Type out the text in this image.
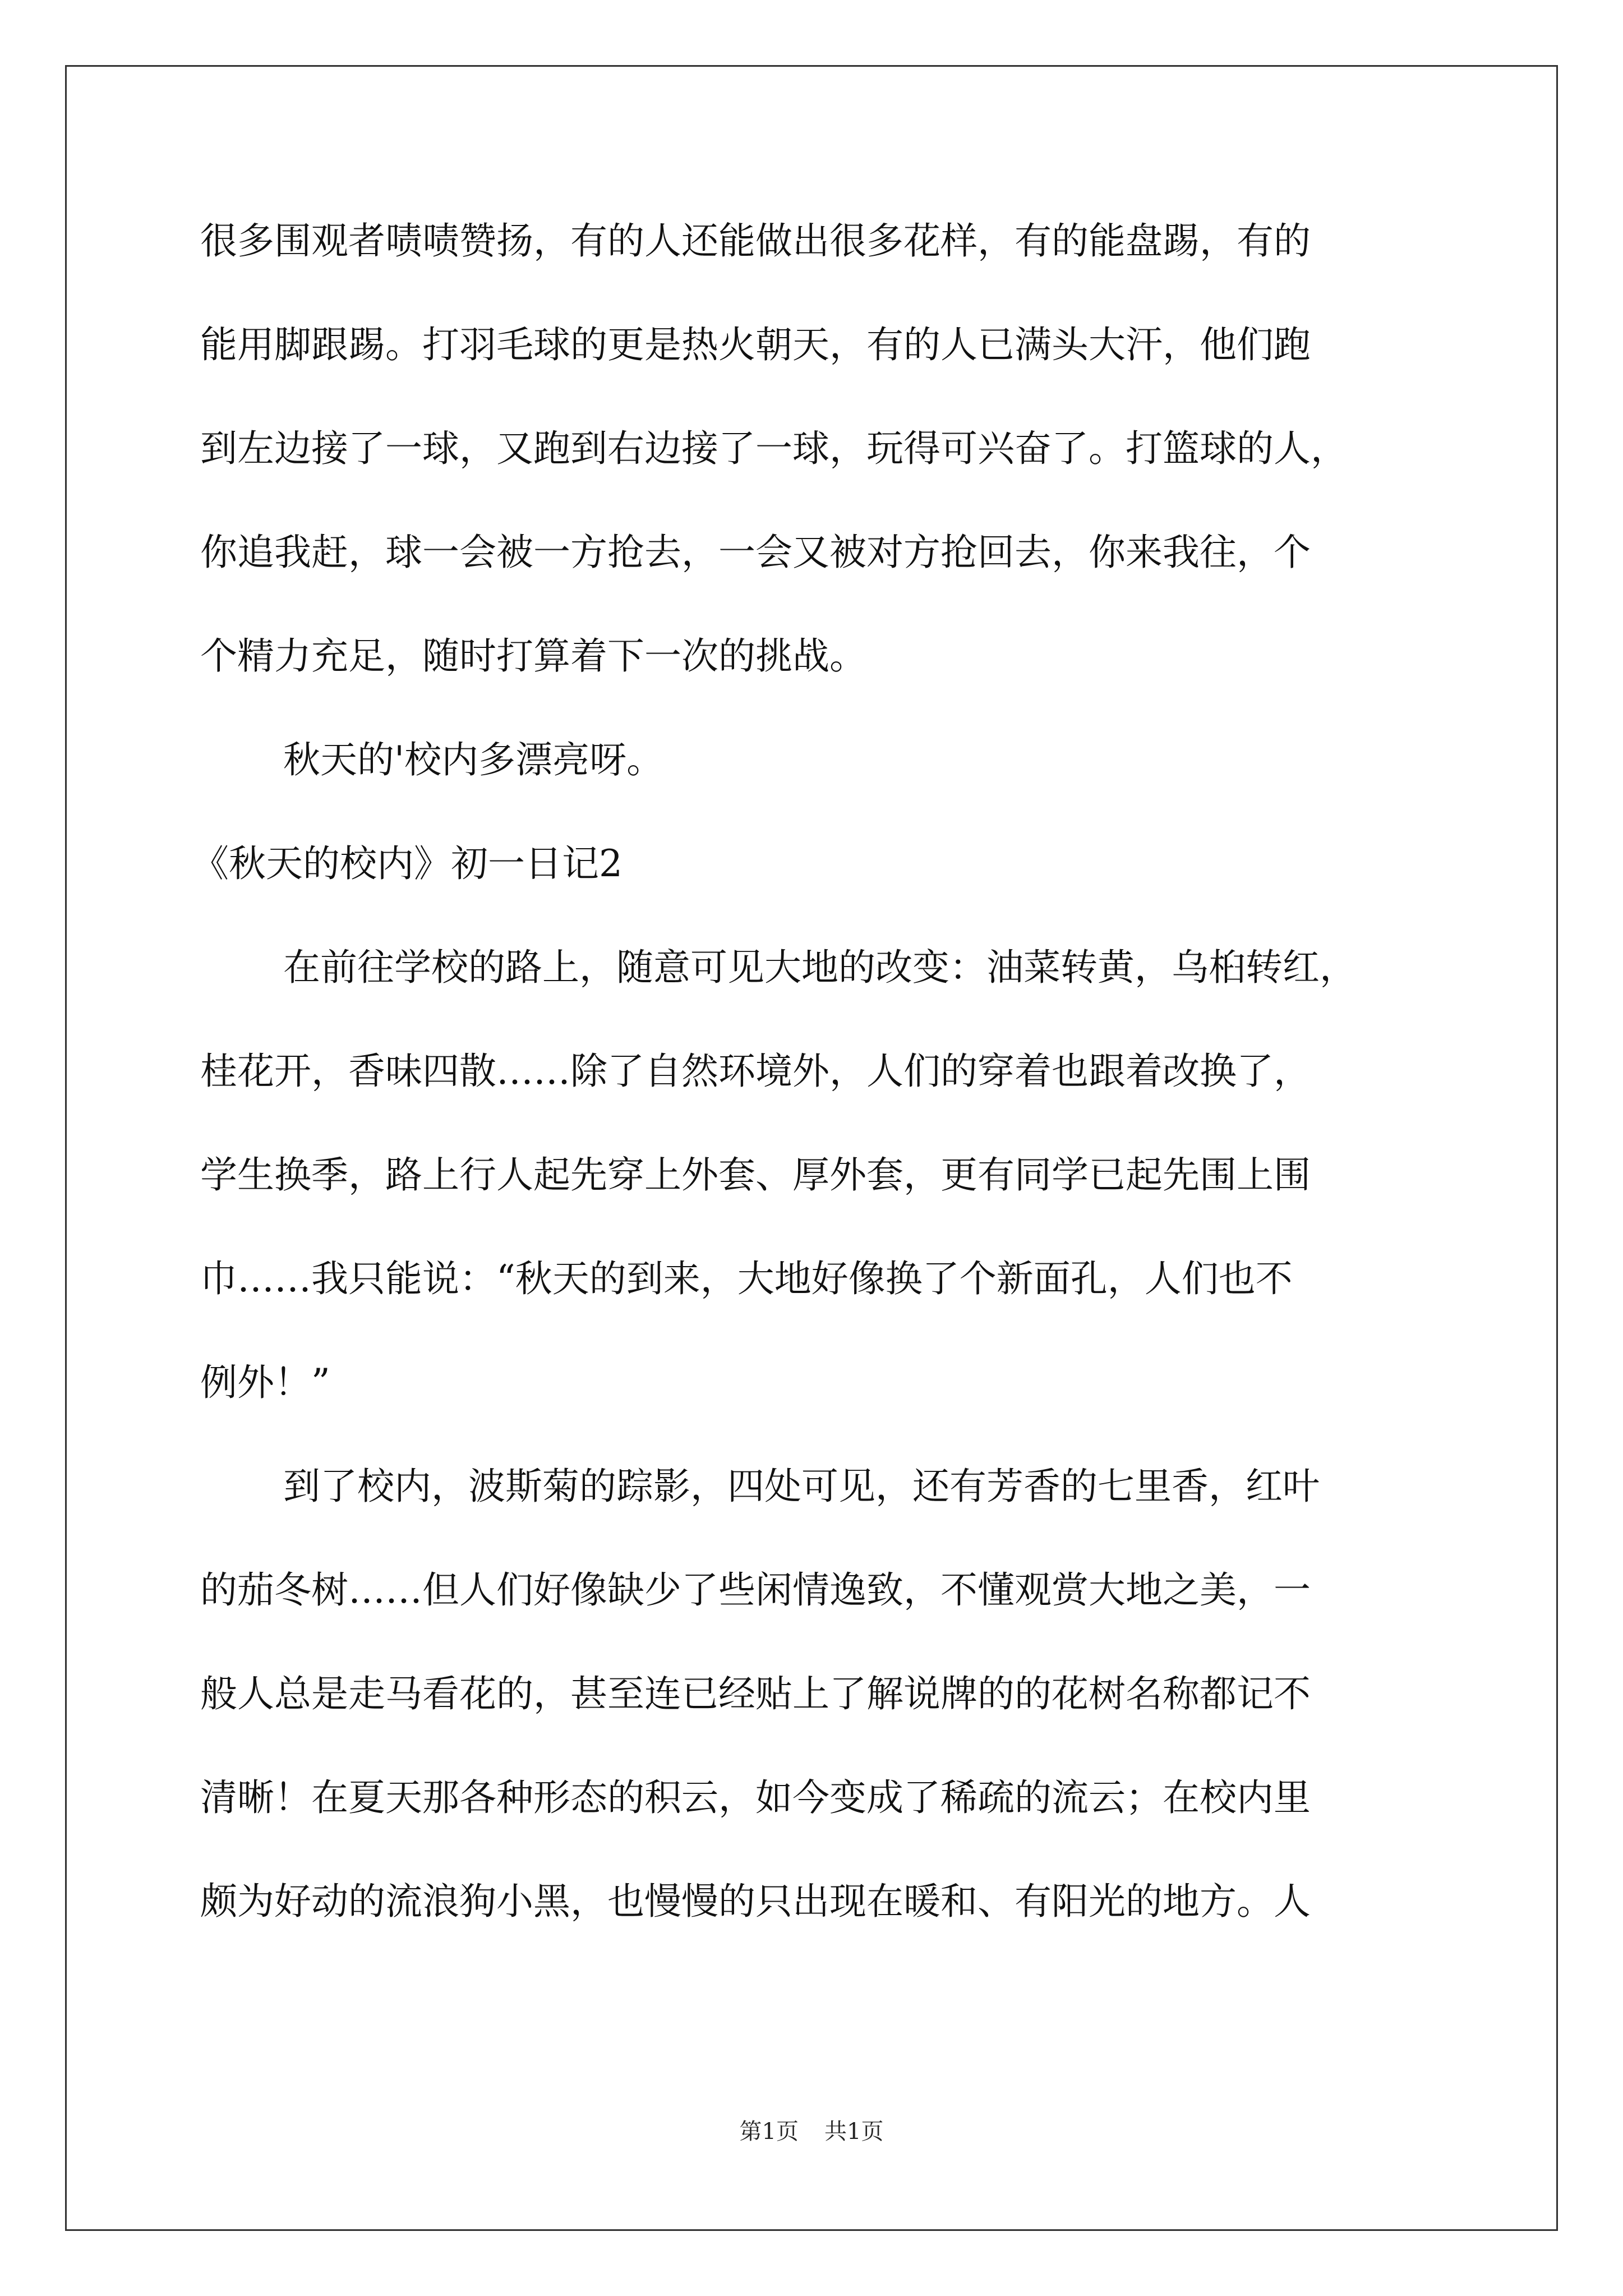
很多围观者啧啧赞扬，有的人还能做出很多花样，有的能盘踢，有的
能用脚跟踢。打羽毛球的更是热火朝天，有的人已满头大汗，他们跑
到左边接了一球，又跑到右边接了一球，玩得可兴奋了。打篮球的人，
你追我赶，球一会被一方抢去，一会又被对方抢回去，你来我往，个
个精力充足，随时打算着下一次的挑战。
秋天的'校内多漂亮呀。
《秋天的校内》初一日记2
在前往学校的路上，随意可见大地的改变：油菜转黄，乌桕转红，
桂花开，香味四散……除了自然环境外，人们的穿着也跟着改换了，
学生换季，路上行人起先穿上外套、厚外套，更有同学已起先围上围
巾……我只能说：“秋天的到来，大地好像换了个新面孔，人们也不
例外！”
到了校内，波斯菊的踪影，四处可见，还有芳香的七里香，红叶
的茄冬树……但人们好像缺少了些闲情逸致，不懂观赏大地之美，一
般人总是走马看花的，甚至连已经贴上了解说牌的的花树名称都记不
清晰！在夏天那各种形态的积云，如今变成了稀疏的流云；在校内里
颇为好动的流浪狗小黑，也慢慢的只出现在暖和、有阳光的地方。人
第1页 共1页
